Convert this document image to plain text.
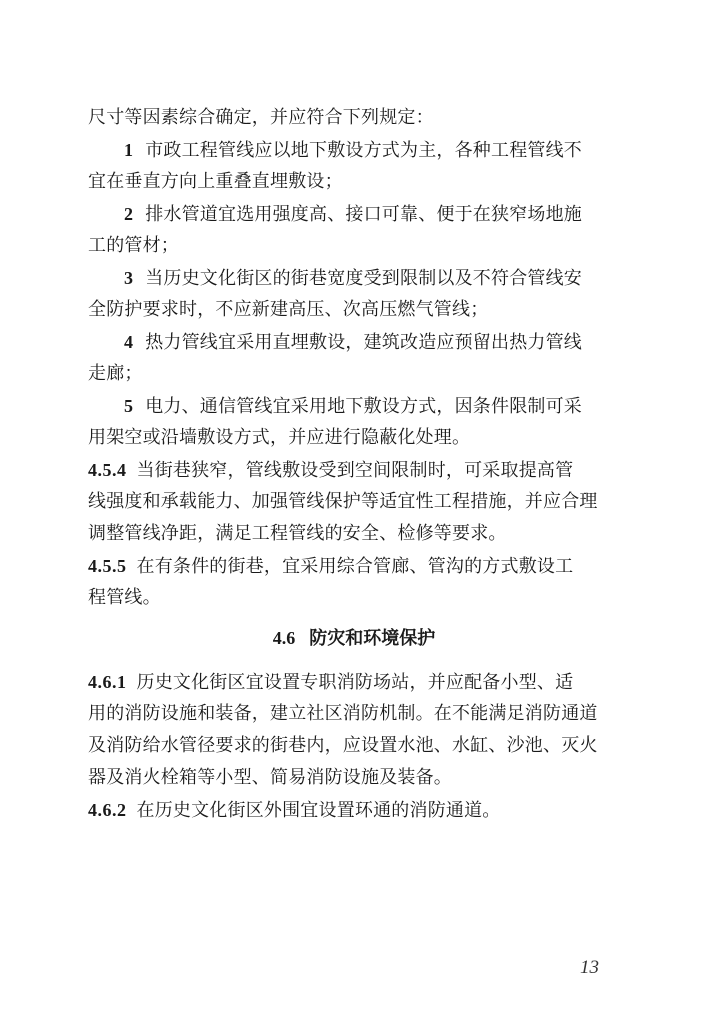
尺寸等因素综合确定，并应符合下列规定：
1 市政工程管线应以地下敷设方式为主，各种工程管线不
宜在垂直方向上重叠直埋敷设；
2 排水管道宜选用强度高、接口可靠、便于在狭窄场地施
工的管材；
3 当历史文化街区的街巷宽度受到限制以及不符合管线安
全防护要求时，不应新建高压、次高压燃气管线；
4 热力管线宜采用直埋敷设，建筑改造应预留出热力管线
走廊；
5 电力、通信管线宜采用地下敷设方式，因条件限制可采
用架空或沿墙敷设方式，并应进行隐蔽化处理。
4.5.4 当街巷狭窄，管线敷设受到空间限制时，可采取提高管
线强度和承载能力、加强管线保护等适宜性工程措施，并应合理
调整管线净距，满足工程管线的安全、检修等要求。
4.5.5 在有条件的街巷，宜采用综合管廊、管沟的方式敷设工
程管线。
4.6 防灾和环境保护
4.6.1 历史文化街区宜设置专职消防场站，并应配备小型、适
用的消防设施和装备，建立社区消防机制。在不能满足消防通道
及消防给水管径要求的街巷内，应设置水池、水缸、沙池、灭火
器及消火栓箱等小型、简易消防设施及装备。
4.6.2 在历史文化街区外围宜设置环通的消防通道。
13
